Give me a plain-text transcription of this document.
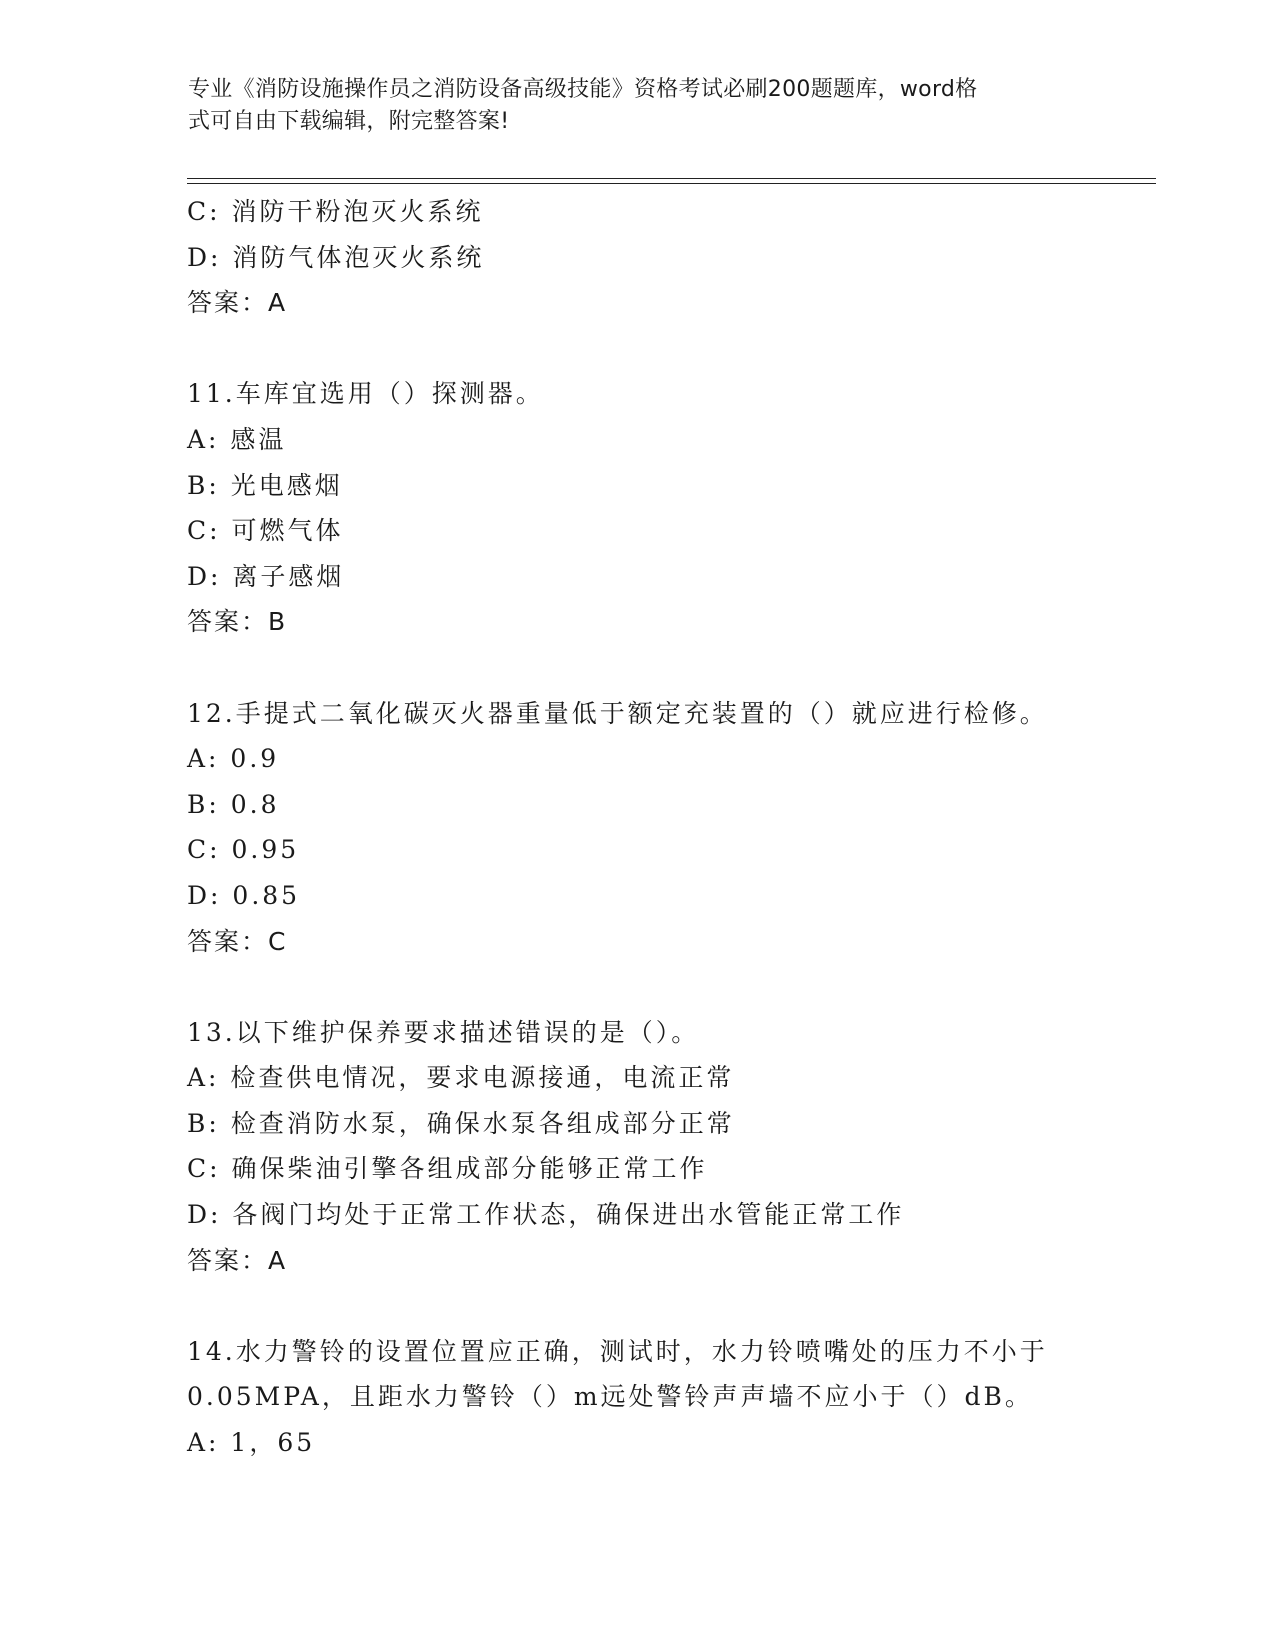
专业《消防设施操作员之消防设备高级技能》资格考试必刷200题题库，word格
式可自由下载编辑，附完整答案!
C: 消防干粉泡灭火系统
D: 消防气体泡灭火系统
答案：A
11.车库宜选用（）探测器。
A: 感温
B: 光电感烟
C: 可燃气体
D: 离子感烟
答案：B
12.手提式二氧化碳灭火器重量低于额定充装置的（）就应进行检修。
A: 0.9
B: 0.8
C: 0.95
D: 0.85
答案：C
13.以下维护保养要求描述错误的是（）。
A: 检查供电情况，要求电源接通，电流正常
B: 检查消防水泵，确保水泵各组成部分正常
C: 确保柴油引擎各组成部分能够正常工作
D: 各阀门均处于正常工作状态，确保进出水管能正常工作
答案：A
14.水力警铃的设置位置应正确，测试时，水力铃喷嘴处的压力不小于
0.05MPA，且距水力警铃（）m远处警铃声声墙不应小于（）dB。
A: 1，65
